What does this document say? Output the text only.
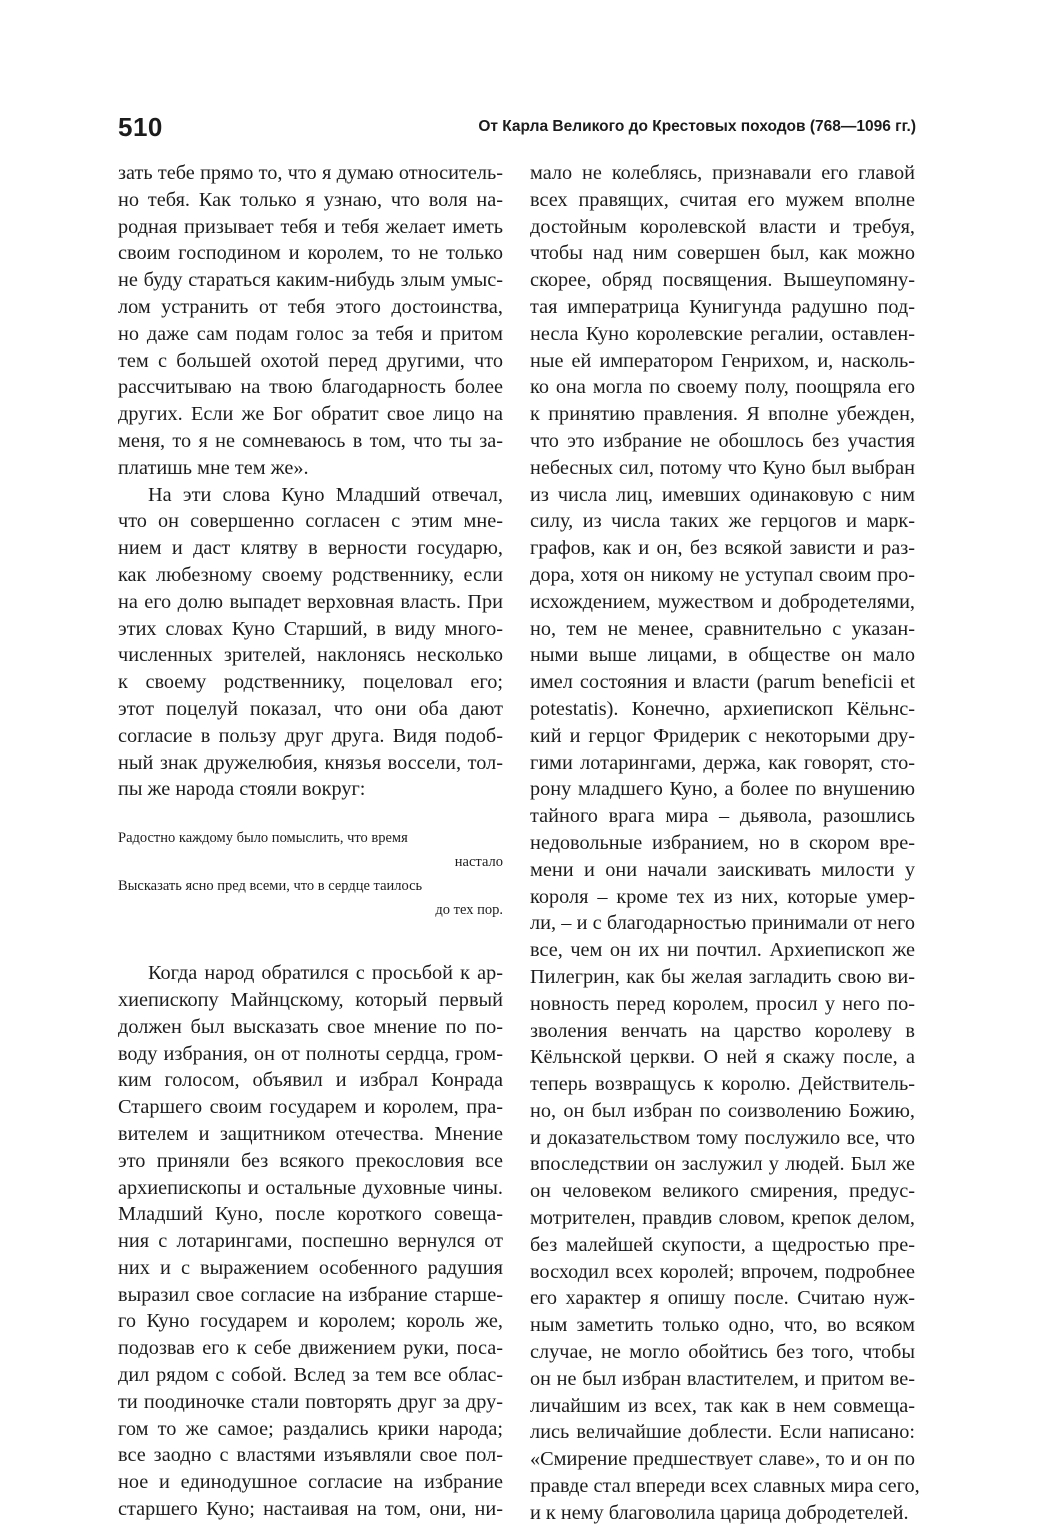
510	От Карла Великого до Крестовых походов (768—1096 гг.)
зать тебе прямо то, что я думаю относитель-
но тебя. Как только я узнаю, что воля на-
родная призывает тебя и тебя желает иметь
своим господином и королем, то не только
не буду стараться каким-нибудь злым умыс-
лом устранить от тебя этого достоинства,
но даже сам подам голос за тебя и притом
тем с большей охотой перед другими, что
рассчитываю на твою благодарность более
других. Если же Бог обратит свое лицо на
меня, то я не сомневаюсь в том, что ты за-
платишь мне тем же».
На эти слова Куно Младший отвечал,
что он совершенно согласен с этим мне-
нием и даст клятву в верности государю,
как любезному своему родственнику, если
на его долю выпадет верховная власть. При
этих словах Куно Старший, в виду много-
численных зрителей, наклонясь несколько
к своему родственнику, поцеловал его;
этот поцелуй показал, что они оба дают
согласие в пользу друг друга. Видя подоб-
ный знак дружелюбия, князья воссели, тол-
пы же народа стояли вокруг:
Радостно каждому было помыслить, что время
настало
Высказать ясно пред всеми, что в сердце таилось
до тех пор.
Когда народ обратился с просьбой к ар-
хиепископу Майнцскому, который первый
должен был высказать свое мнение по по-
воду избрания, он от полноты сердца, гром-
ким голосом, объявил и избрал Конрада
Старшего своим государем и королем, пра-
вителем и защитником отечества. Мнение
это приняли без всякого прекословия все
архиепископы и остальные духовные чины.
Младший Куно, после короткого совеща-
ния с лотарингами, поспешно вернулся от
них и с выражением особенного радушия
выразил свое согласие на избрание старше-
го Куно государем и королем; король же,
подозвав его к себе движением руки, поса-
дил рядом с собой. Вслед за тем все облас-
ти поодиночке стали повторять друг за дру-
гом то же самое; раздались крики народа;
все заодно с властями изъявляли свое пол-
ное и единодушное согласие на избрание
старшего Куно; настаивая на том, они, ни-
мало не колеблясь, признавали его главой
всех правящих, считая его мужем вполне
достойным королевской власти и требуя,
чтобы над ним совершен был, как можно
скорее, обряд посвящения. Вышеупомяну-
тая императрица Кунигунда радушно под-
несла Куно королевские регалии, оставлен-
ные ей императором Генрихом, и, насколь-
ко она могла по своему полу, поощряла его
к принятию правления. Я вполне убежден,
что это избрание не обошлось без участия
небесных сил, потому что Куно был выбран
из числа лиц, имевших одинаковую с ним
силу, из числа таких же герцогов и марк-
графов, как и он, без всякой зависти и раз-
дора, хотя он никому не уступал своим про-
исхождением, мужеством и добродетелями,
но, тем не менее, сравнительно с указан-
ными выше лицами, в обществе он мало
имел состояния и власти (parum beneficii et
potestatis). Конечно, архиепископ Кёльнс-
кий и герцог Фридерик с некоторыми дру-
гими лотарингами, держа, как говорят, сто-
рону младшего Куно, а более по внушению
тайного врага мира – дьявола, разошлись
недовольные избранием, но в скором вре-
мени и они начали заискивать милости у
короля – кроме тех из них, которые умер-
ли, – и с благодарностью принимали от него
все, чем он их ни почтил. Архиепископ же
Пилегрин, как бы желая загладить свою ви-
новность перед королем, просил у него по-
зволения венчать на царство королеву в
Кёльнской церкви. О ней я скажу после, а
теперь возвращусь к королю. Действитель-
но, он был избран по соизволению Божию,
и доказательством тому послужило все, что
впоследствии он заслужил у людей. Был же
он человеком великого смирения, предус-
мотрителен, правдив словом, крепок делом,
без малейшей скупости, а щедростью пре-
восходил всех королей; впрочем, подробнее
его характер я опишу после. Считаю нуж-
ным заметить только одно, что, во всяком
случае, не могло обойтись без того, чтобы
он не был избран властителем, и притом ве-
личайшим из всех, так как в нем совмеща-
лись величайшие доблести. Если написано:
«Смирение предшествует славе», то и он по
правде стал впереди всех славных мира сего,
и к нему благоволила царица добродетелей.
